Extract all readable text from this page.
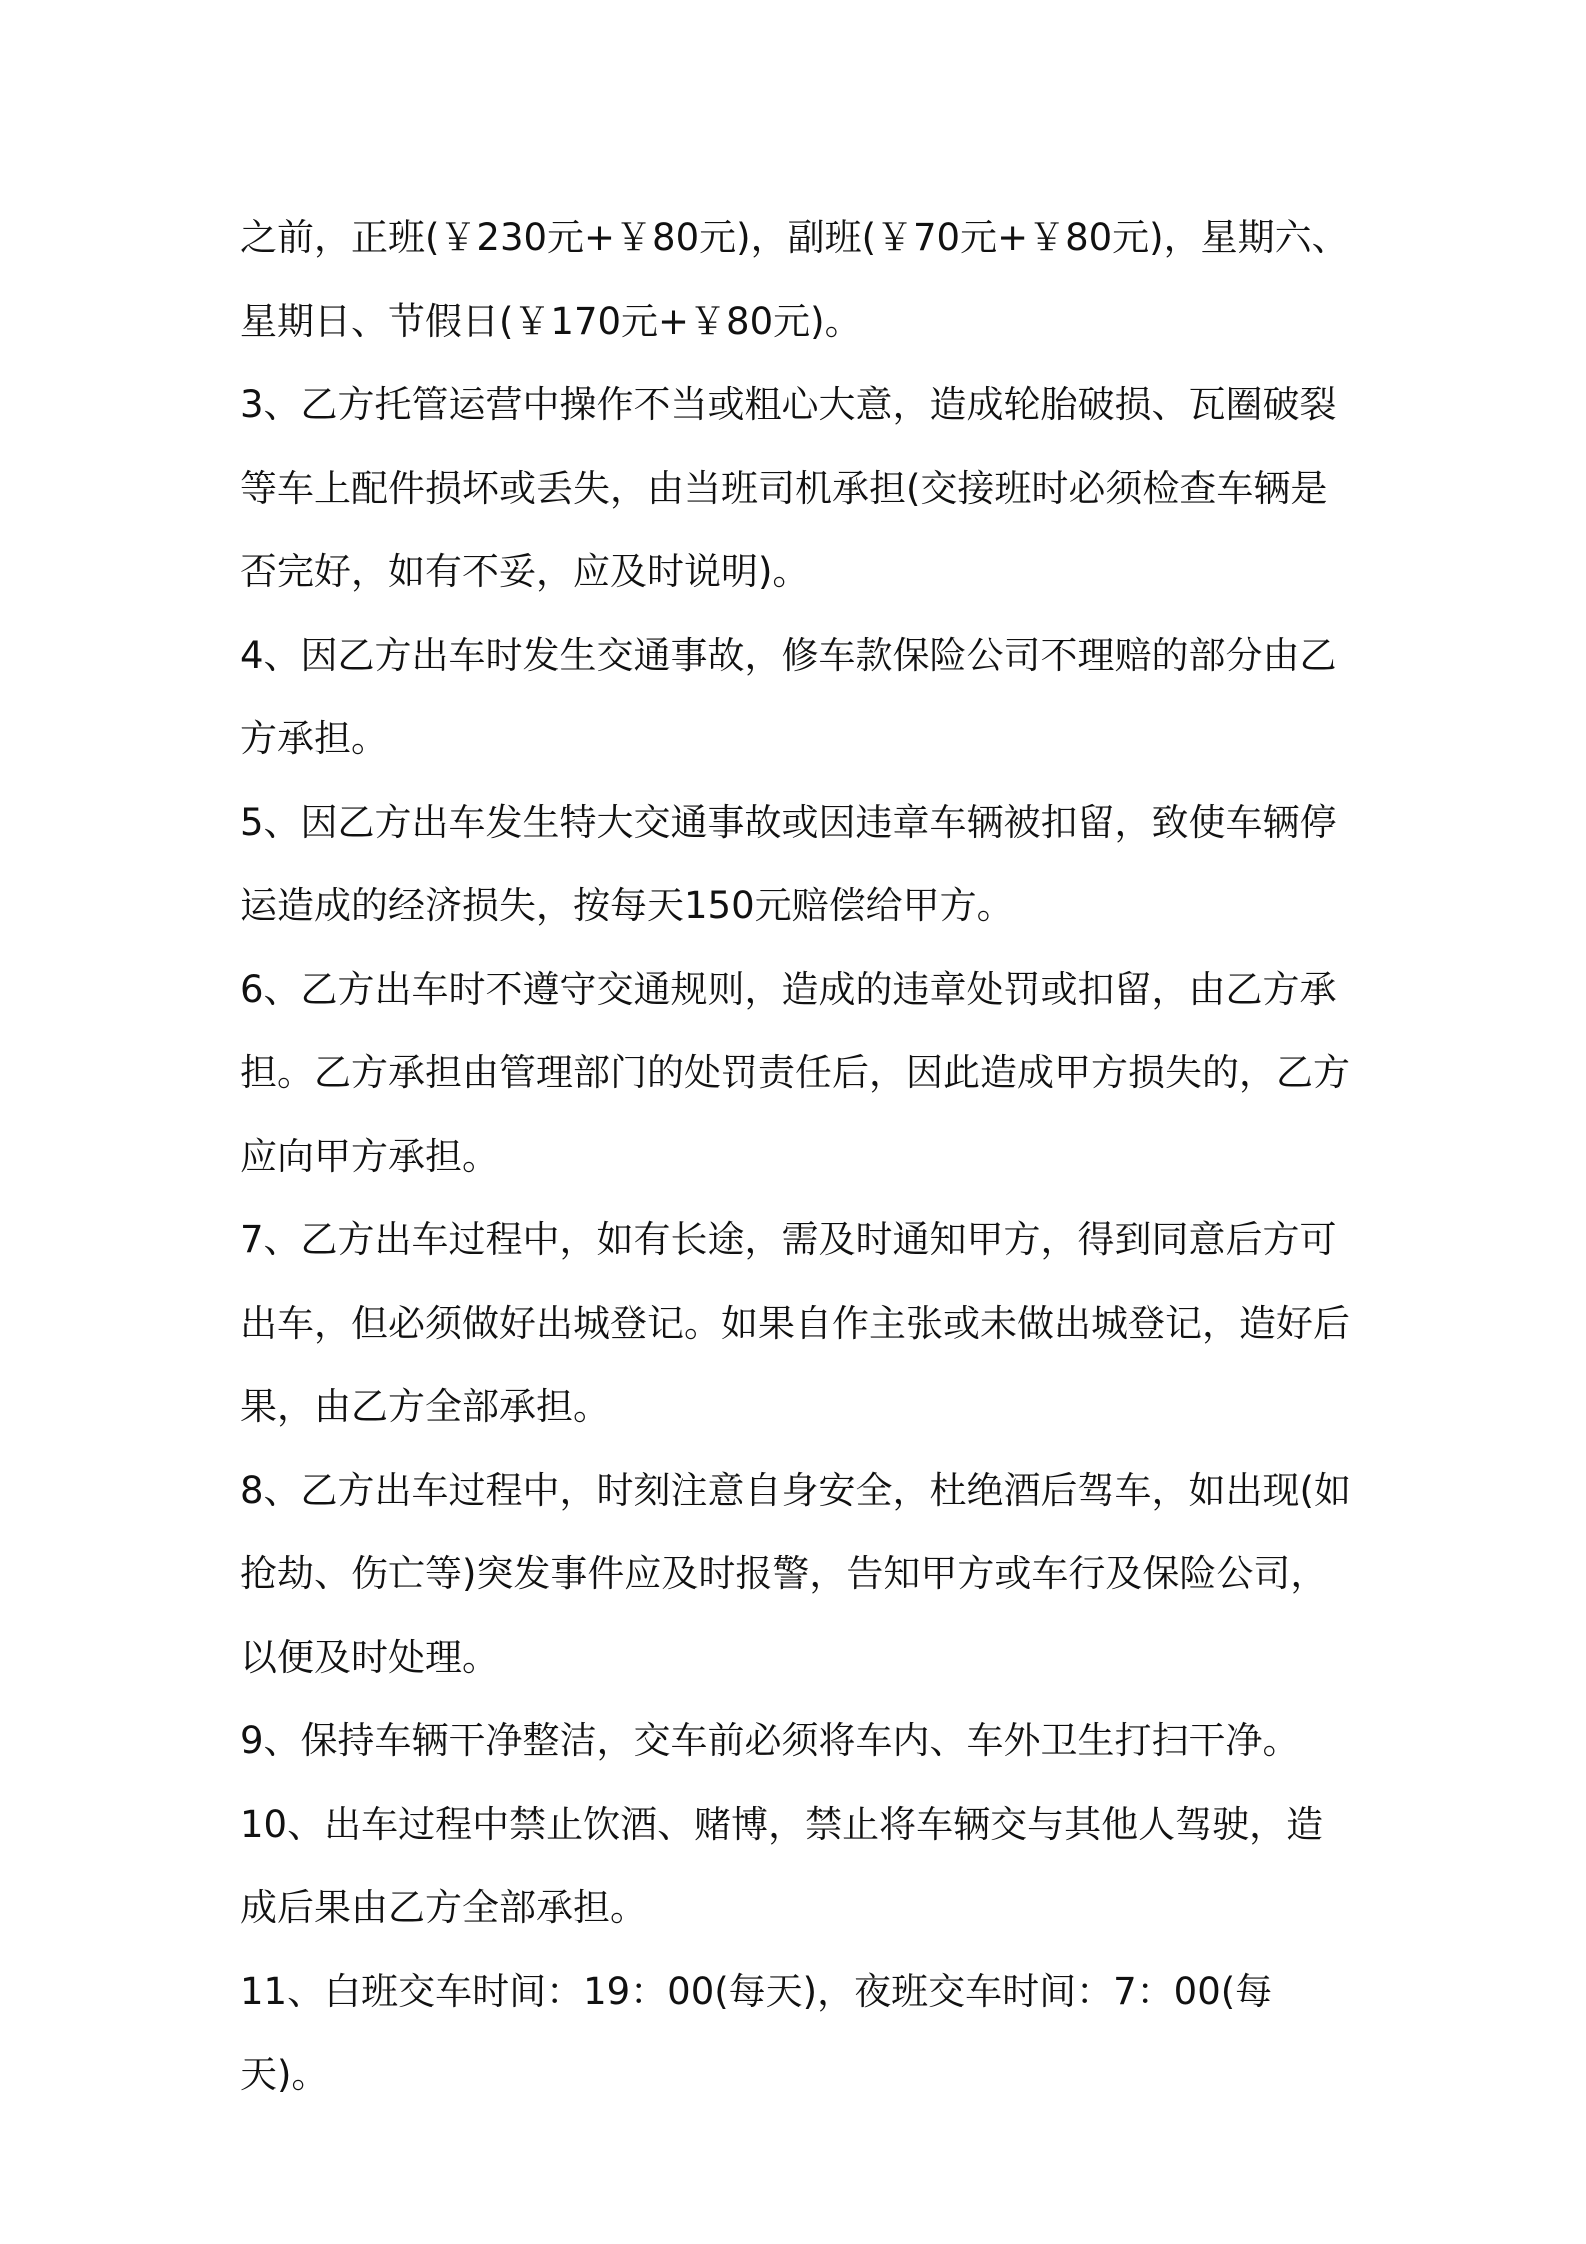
之前，正班(￥230元+￥80元)，副班(￥70元+￥80元)，星期六、星期日、节假日(￥170元+￥80元)。

3、乙方托管运营中操作不当或粗心大意，造成轮胎破损、瓦圈破裂等车上配件损坏或丢失，由当班司机承担(交接班时必须检查车辆是否完好，如有不妥，应及时说明)。

4、因乙方出车时发生交通事故，修车款保险公司不理赔的部分由乙方承担。

5、因乙方出车发生特大交通事故或因违章车辆被扣留，致使车辆停运造成的经济损失，按每天150元赔偿给甲方。

6、乙方出车时不遵守交通规则，造成的违章处罚或扣留，由乙方承担。乙方承担由管理部门的处罚责任后，因此造成甲方损失的，乙方应向甲方承担。

7、乙方出车过程中，如有长途，需及时通知甲方，得到同意后方可出车，但必须做好出城登记。如果自作主张或未做出城登记，造好后果，由乙方全部承担。

8、乙方出车过程中，时刻注意自身安全，杜绝酒后驾车，如出现(如抢劫、伤亡等)突发事件应及时报警，告知甲方或车行及保险公司，以便及时处理。

9、保持车辆干净整洁，交车前必须将车内、车外卫生打扫干净。

10、出车过程中禁止饮酒、赌博，禁止将车辆交与其他人驾驶，造成后果由乙方全部承担。

11、白班交车时间：19：00(每天)，夜班交车时间：7：00(每天)。
